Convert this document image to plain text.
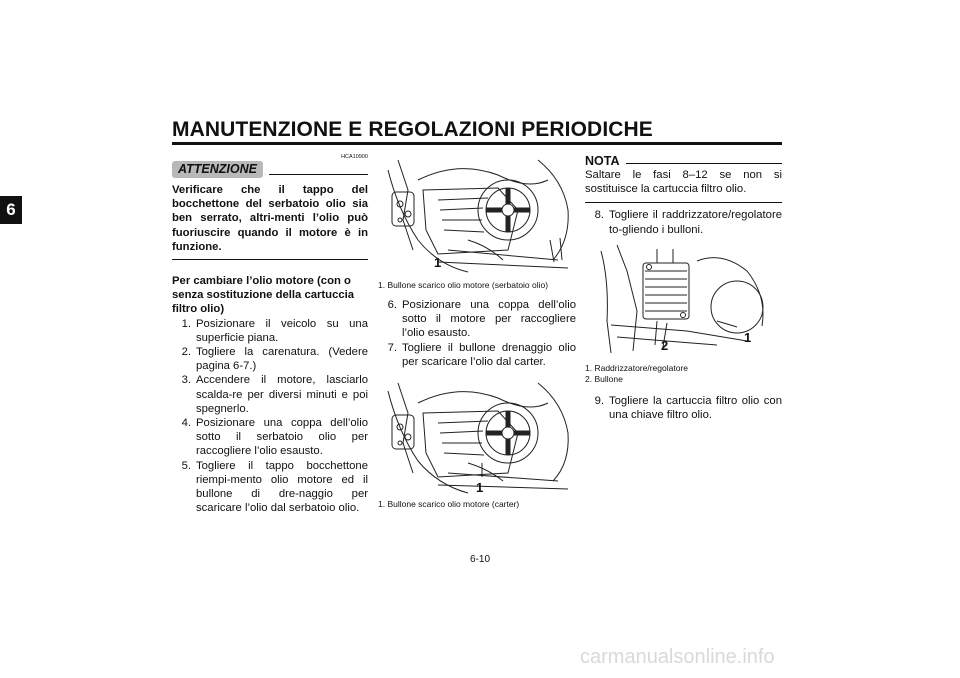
MANUTENZIONE E REGOLAZIONI PERIODICHE
6
HCA10900
ATTENZIONE
Verificare che il tappo del bocchettone del serbatoio olio sia ben serrato, altri-menti l’olio può fuoriuscire quando il motore è in funzione.
Per cambiare l’olio motore (con o senza sostituzione della cartuccia filtro olio)
1. Posizionare il veicolo su una superficie piana.
2. Togliere la carenatura. (Vedere pagina 6-7.)
3. Accendere il motore, lasciarlo scalda-re per diversi minuti e poi spegnerlo.
4. Posizionare una coppa dell’olio sotto il serbatoio olio per raccogliere l’olio esausto.
5. Togliere il tappo bocchettone riempi-mento olio motore ed il bullone di dre-naggio per scaricare l’olio dal serbatoio olio.
1
1. Bullone scarico olio motore (serbatoio olio)
6. Posizionare una coppa dell’olio sotto il motore per raccogliere l’olio esausto.
7. Togliere il bullone drenaggio olio per scaricare l’olio dal carter.
1
1. Bullone scarico olio motore (carter)
NOTA
Saltare le fasi 8–12 se non si sostituisce la cartuccia filtro olio.
8. Togliere il raddrizzatore/regolatore to-gliendo i bulloni.
1
2
1. Raddrizzatore/regolatore
2. Bullone
9. Togliere la cartuccia filtro olio con una chiave filtro olio.
6-10
carmanualsonline.info
